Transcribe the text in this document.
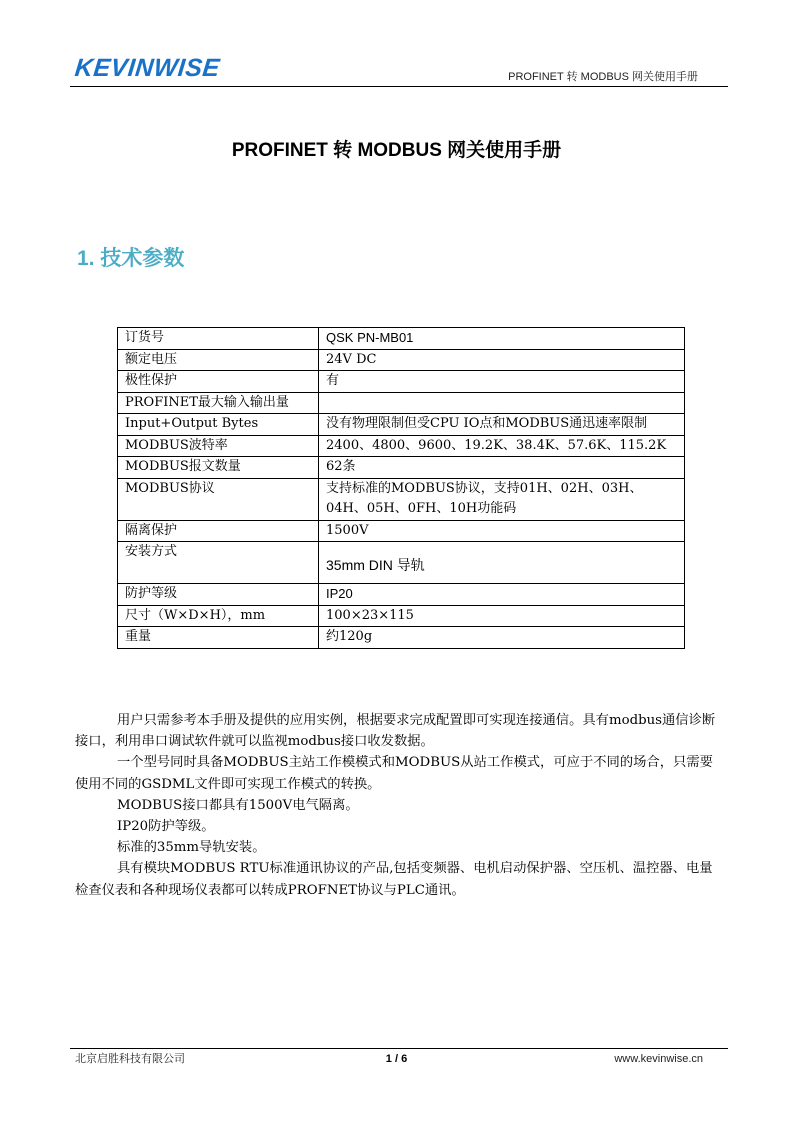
KEVINWISE	PROFINET 转 MODBUS 网关使用手册
PROFINET 转 MODBUS 网关使用手册
1. 技术参数
订货号	QSK PN-MB01
额定电压	24V DC
极性保护	有
PROFINET最大输入输出量	
Input+Output Bytes	没有物理限制但受CPU IO点和MODBUS通迅速率限制
MODBUS波特率	2400、4800、9600、19.2K、38.4K、57.6K、115.2K
MODBUS报文数量	62条
MODBUS协议	支持标准的MODBUS协议，支持01H、02H、03H、04H、05H、0FH、10H功能码
隔离保护	1500V
安装方式	35mm DIN 导轨
防护等级	IP20
尺寸（W×D×H），mm	100×23×115
重量	约120g

用户只需参考本手册及提供的应用实例，根据要求完成配置即可实现连接通信。具有modbus通信诊断接口，利用串口调试软件就可以监视modbus接口收发数据。

一个型号同时具备MODBUS主站工作模模式和MODBUS从站工作模式，可应于不同的场合，只需要使用不同的GSDML文件即可实现工作模式的转换。

MODBUS接口都具有1500V电气隔离。

IP20防护等级。

标准的35mm导轨安装。

具有模块MODBUS RTU标准通讯协议的产品,包括变频器、电机启动保护器、空压机、温控器、电量检查仪表和各种现场仪表都可以转成PROFNET协议与PLC通讯。

北京启胜科技有限公司	1 / 6	www.kevinwise.cn
